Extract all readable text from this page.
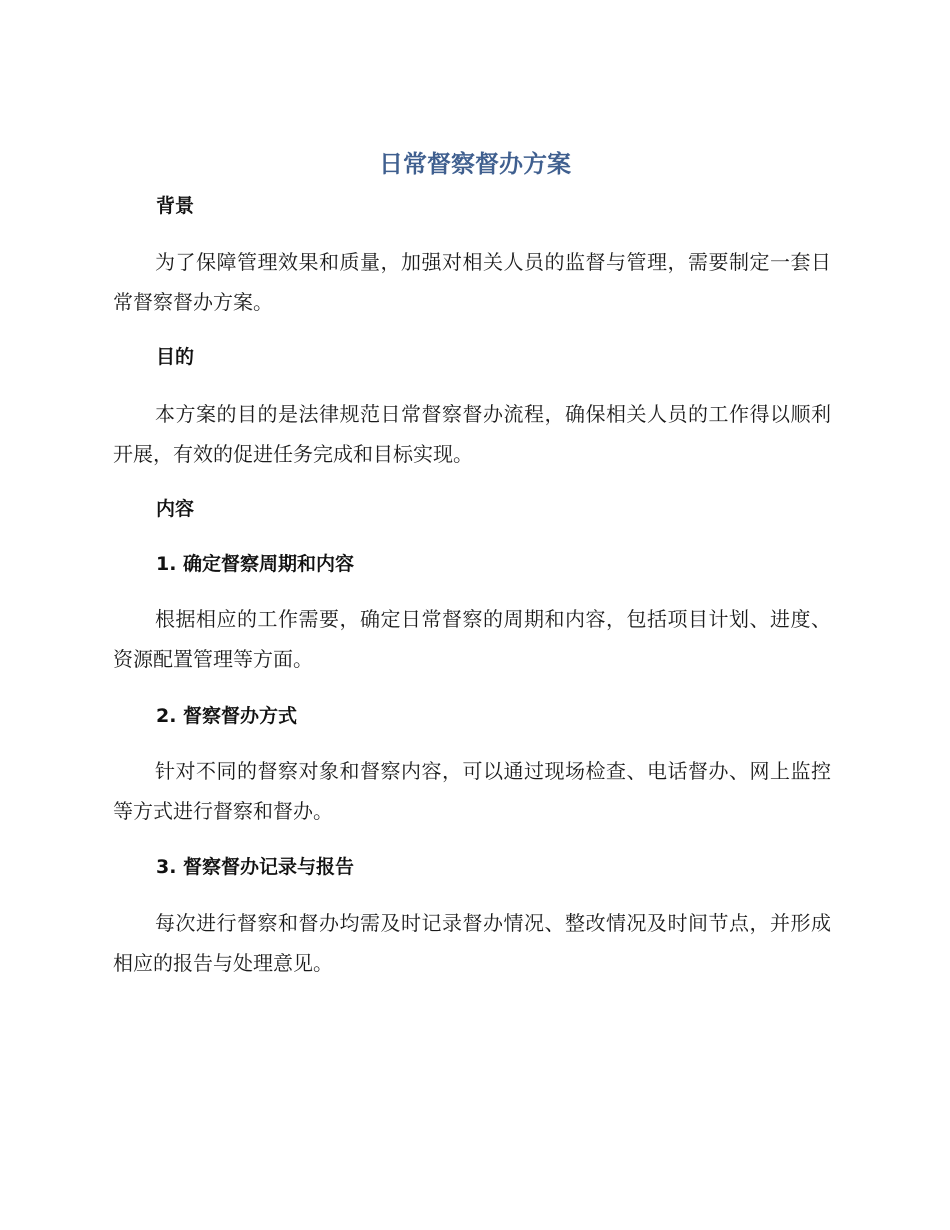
日常督察督办方案
背景

为了保障管理效果和质量，加强对相关人员的监督与管理，需要制定一套日常督察督办方案。

目的

本方案的目的是法律规范日常督察督办流程，确保相关人员的工作得以顺利开展，有效的促进任务完成和目标实现。

内容
1. 确定督察周期和内容

根据相应的工作需要，确定日常督察的周期和内容，包括项目计划、进度、资源配置管理等方面。

2. 督察督办方式

针对不同的督察对象和督察内容，可以通过现场检查、电话督办、网上监控等方式进行督察和督办。

3. 督察督办记录与报告

每次进行督察和督办均需及时记录督办情况、整改情况及时间节点，并形成相应的报告与处理意见。
